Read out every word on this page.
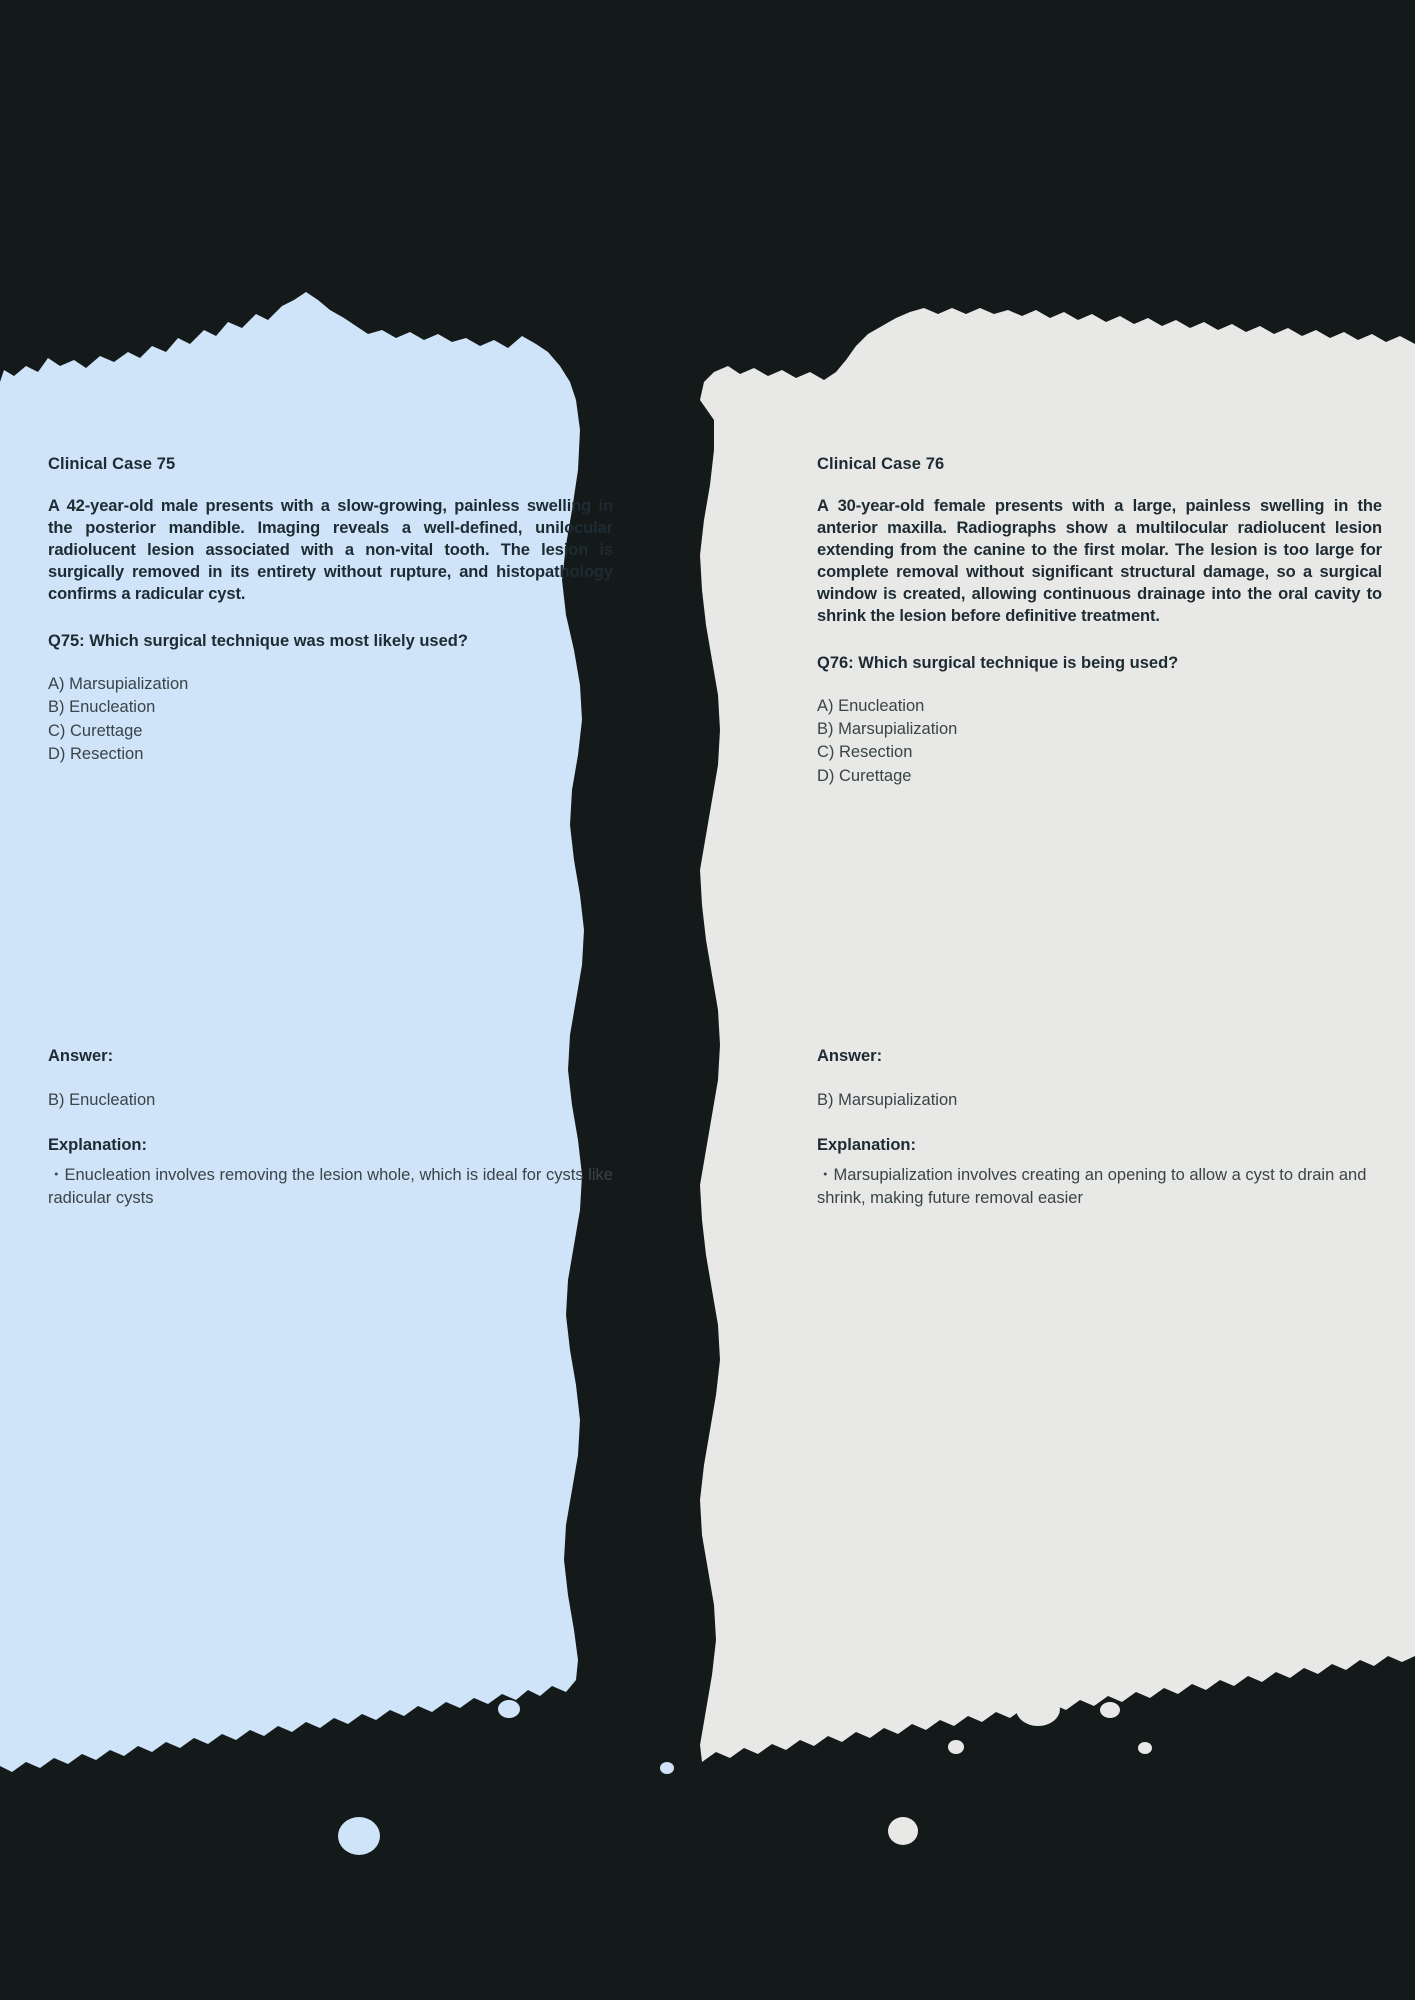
Clinical Case 75

A 42-year-old male presents with a slow-growing, painless swelling in the posterior mandible. Imaging reveals a well-defined, unilocular radiolucent lesion associated with a non-vital tooth. The lesion is surgically removed in its entirety without rupture, and histopathology confirms a radicular cyst.

Q75: Which surgical technique was most likely used?

A) Marsupialization
B) Enucleation
C) Curettage
D) Resection

Answer:

B) Enucleation

Explanation:

・Enucleation involves removing the lesion whole, which is ideal for cysts like radicular cysts

Clinical Case 76

A 30-year-old female presents with a large, painless swelling in the anterior maxilla. Radiographs show a multilocular radiolucent lesion extending from the canine to the first molar. The lesion is too large for complete removal without significant structural damage, so a surgical window is created, allowing continuous drainage into the oral cavity to shrink the lesion before definitive treatment.

Q76: Which surgical technique is being used?

A) Enucleation
B) Marsupialization
C) Resection
D) Curettage

Answer:

B) Marsupialization

Explanation:

・Marsupialization involves creating an opening to allow a cyst to drain and shrink, making future removal easier
